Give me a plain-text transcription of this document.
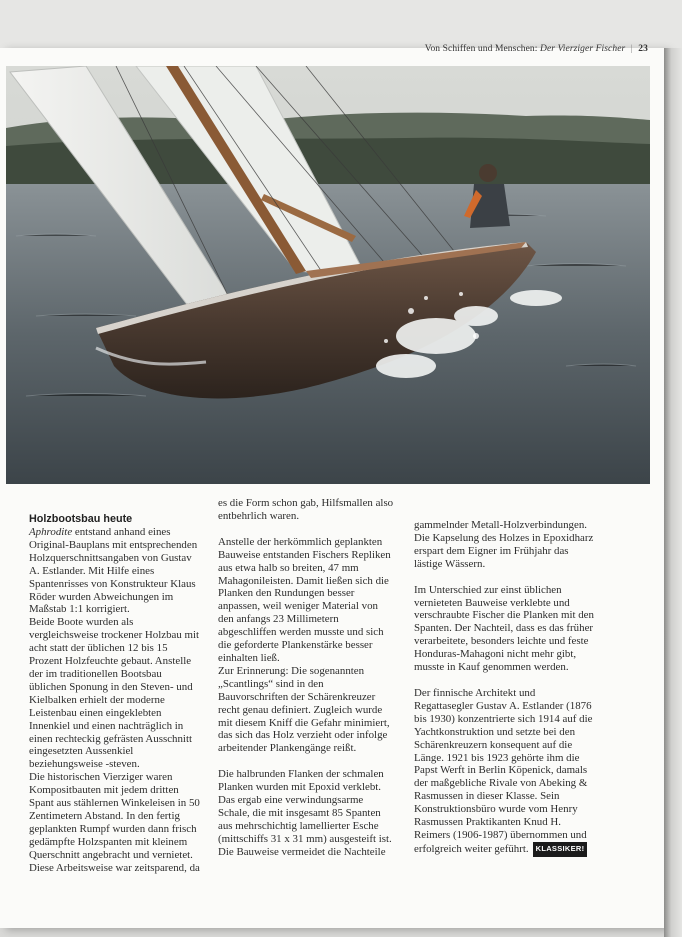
Von Schiffen und Menschen: Der Vierziger Fischer | 23
Holzbootsbau heute

Aphrodite entstand anhand eines Original-Bauplans mit entsprechenden Holzquerschnittsangaben von Gustav A. Estlander. Mit Hilfe eines Spantenrisses von Konstrukteur Klaus Röder wurden Abweichungen im Maßstab 1:1 korrigiert.

Beide Boote wurden als vergleichsweise trockener Holzbau mit acht statt der üblichen 12 bis 15 Prozent Holzfeuchte gebaut. Anstelle der im traditionellen Bootsbau üblichen Sponung in den Steven- und Kielbalken erhielt der moderne Leistenbau einen eingeklebten Innenkiel und einen nachträglich in einen rechteckig gefrästen Ausschnitt eingesetzten Aussenkiel beziehungsweise -steven.

Die historischen Vierziger waren Kompositbauten mit jedem dritten Spant aus stählernen Winkeleisen in 50 Zentimetern Abstand. In den fertig geplankten Rumpf wurden dann frisch gedämpfte Holzspanten mit kleinem Querschnitt angebracht und vernietet. Diese Arbeitsweise war zeitsparend, da

es die Form schon gab, Hilfsmallen also entbehrlich waren.

Anstelle der herkömmlich geplankten Bauweise entstanden Fischers Repliken aus etwa halb so breiten, 47 mm Mahagonileisten. Damit ließen sich die Planken den Rundungen besser anpassen, weil weniger Material von den anfangs 23 Millimetern abgeschliffen werden musste und sich die geforderte Plankenstärke besser einhalten ließ.

Zur Erinnerung: Die sogenannten „Scantlings“ sind in den Bauvorschriften der Schärenkreuzer recht genau definiert. Zugleich wurde mit diesem Kniff die Gefahr minimiert, das sich das Holz verzieht oder infolge arbeitender Plankengänge reißt.

Die halbrunden Flanken der schmalen Planken wurden mit Epoxid verklebt. Das ergab eine verwindungsarme Schale, die mit insgesamt 85 Spanten aus mehrschichtig lamellierter Esche (mittschiffs 31 x 31 mm) ausgesteift ist.

Die Bauweise vermeidet die Nachteile

gammelnder Metall-Holzverbindungen. Die Kapselung des Holzes in Epoxidharz erspart dem Eigner im Frühjahr das lästige Wässern.

Im Unterschied zur einst üblichen vernieteten Bauweise verklebte und verschraubte Fischer die Planken mit den Spanten. Der Nachteil, dass es das früher verarbeitete, besonders leichte und feste Honduras-Mahagoni nicht mehr gibt, musste in Kauf genommen werden.

Der finnische Architekt und Regattasegler Gustav A. Estlander (1876 bis 1930) konzentrierte sich 1914 auf die Yachtkonstruktion und setzte bei den Schärenkreuzern konsequent auf die Länge. 1921 bis 1923 gehörte ihm die Papst Werft in Berlin Köpenick, damals der maßgebliche Rivale von Abeking & Rasmussen in dieser Klasse. Sein Konstruktionsbüro wurde vom Henry Rasmussen Praktikanten Knud H. Reimers (1906-1987) übernommen und erfolgreich weiter geführt. KLASSIKER!
